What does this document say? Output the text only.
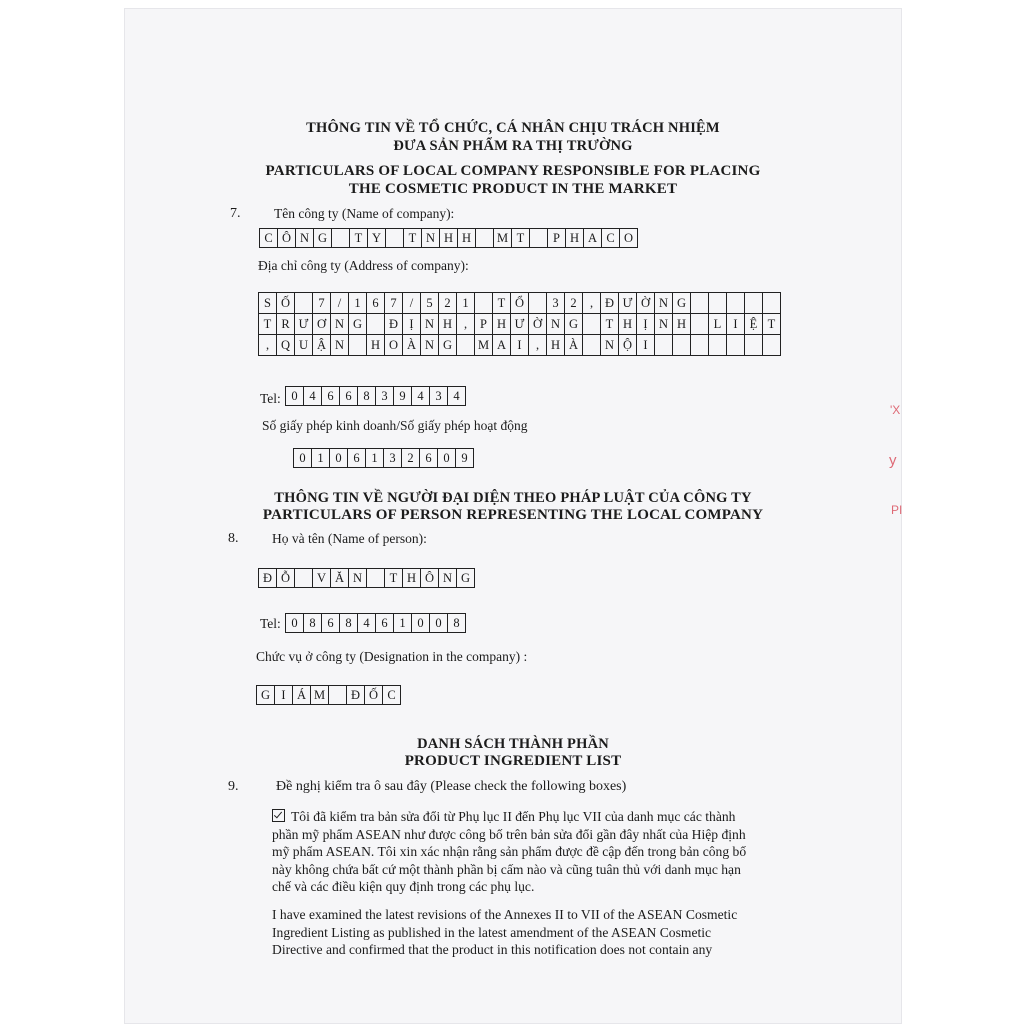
THÔNG TIN VỀ TỔ CHỨC, CÁ NHÂN CHỊU TRÁCH NHIỆM
ĐƯA SẢN PHẨM RA THỊ TRƯỜNG
PARTICULARS OF LOCAL COMPANY RESPONSIBLE FOR PLACING
THE COSMETIC PRODUCT IN THE MARKET
7. Tên công ty (Name of company):
C Ô N G	T Y	T N H H	M T	P H A C O
Địa chỉ công ty (Address of company):
S Ố	7	/	1 6 7	/	5 2 1	T Ổ	3 2	, Đ Ư Ờ N G
T R Ư Ơ N G	Đ Ị N H ,	P H Ư Ờ N G	T H Ị N H	L I Ệ T
, Q U Ậ N	H O À N G	M A I	, H À	N Ộ I
Tel: 0 4 6 6 8 3 9 4 3 4
Số giấy phép kinh doanh/Số giấy phép hoạt động
0 1 0 6 1 3 2 6 0 9
THÔNG TIN VỀ NGƯỜI ĐẠI DIỆN THEO PHÁP LUẬT CỦA CÔNG TY
PARTICULARS OF PERSON REPRESENTING THE LOCAL COMPANY
8. Họ và tên (Name of person):
Đ Ỗ	V Ă N	T H Ô N G
Tel: 0 8 6 8 4 6 1 0 0 8
Chức vụ ở công ty (Designation in the company) :
G I Á M	Đ Ố C
DANH SÁCH THÀNH PHẦN
PRODUCT INGREDIENT LIST
9.	Đề nghị kiểm tra ô sau đây (Please check the following boxes)

Tôi đã kiểm tra bản sửa đổi từ Phụ lục II đến Phụ lục VII của danh mục các thành

phần mỹ phẩm ASEAN như được công bố trên bản sửa đổi gần đây nhất của Hiệp định

mỹ phẩm ASEAN. Tôi xin xác nhận rằng sản phẩm được đề cập đến trong bản công bố

này không chứa bất cứ một thành phần bị cấm nào và cũng tuân thủ với danh mục hạn

chế và các điều kiện quy định trong các phụ lục.

I have examined the latest revisions of the Annexes II to VII of the ASEAN Cosmetic

Ingredient Listing as published in the latest amendment of the ASEAN Cosmetic

Directive and confirmed that the product in this notification does not contain any

'X
y
PI
